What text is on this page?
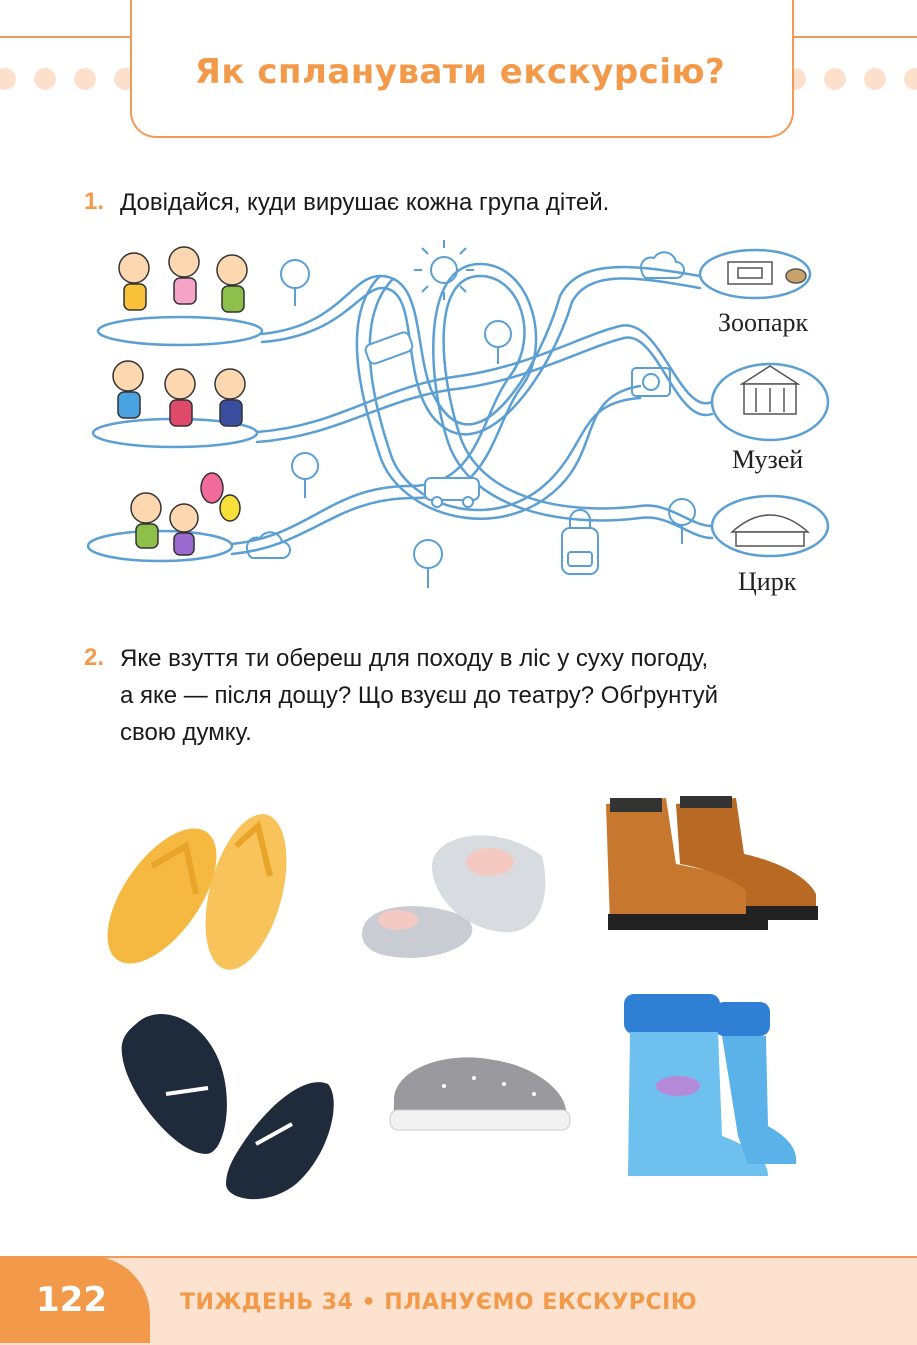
Як спланувати екскурсію?
1. Довідайся, куди вирушає кожна група дітей.
Зоопарк
Музей
Цирк
2. Яке взуття ти обереш для походу в ліс у суху погоду,
а яке — після дощу? Що взуєш до театру? Обґрунтуй
свою думку.
122	ТИЖДЕНЬ 34 • ПЛАНУЄМО ЕКСКУРСІЮ
